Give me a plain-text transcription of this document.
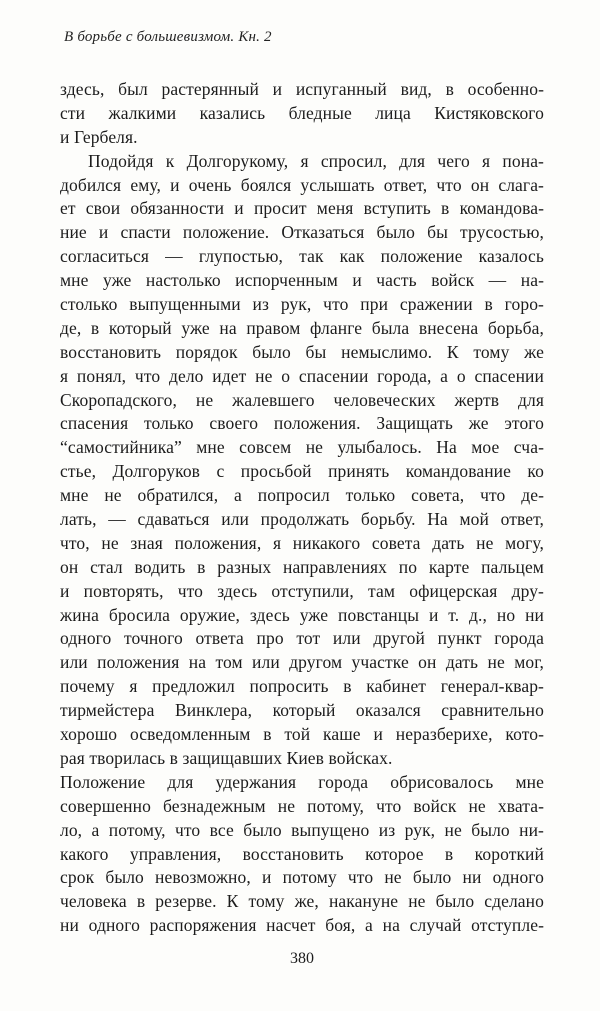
В борьбе с большевизмом. Кн. 2
здесь, был растерянный и испуганный вид, в особенно-
сти жалкими казались бледные лица Кистяковского
и Гербеля.
Подойдя к Долгорукому, я спросил, для чего я пона-
добился ему, и очень боялся услышать ответ, что он слага-
ет свои обязанности и просит меня вступить в командова-
ние и спасти положение. Отказаться было бы трусостью,
согласиться — глупостью, так как положение казалось
мне уже настолько испорченным и часть войск — на-
столько выпущенными из рук, что при сражении в горо-
де, в который уже на правом фланге была внесена борьба,
восстановить порядок было бы немыслимо. К тому же
я понял, что дело идет не о спасении города, а о спасении
Скоропадского, не жалевшего человеческих жертв для
спасения только своего положения. Защищать же этого
“самостийника” мне совсем не улыбалось. На мое сча-
стье, Долгоруков с просьбой принять командование ко
мне не обратился, а попросил только совета, что де-
лать, — сдаваться или продолжать борьбу. На мой ответ,
что, не зная положения, я никакого совета дать не могу,
он стал водить в разных направлениях по карте пальцем
и повторять, что здесь отступили, там офицерская дру-
жина бросила оружие, здесь уже повстанцы и т. д., но ни
одного точного ответа про тот или другой пункт города
или положения на том или другом участке он дать не мог,
почему я предложил попросить в кабинет генерал-квар-
тирмейстера Винклера, который оказался сравнительно
хорошо осведомленным в той каше и неразберихе, кото-
рая творилась в защищавших Киев войсках.
Положение для удержания города обрисовалось мне
совершенно безнадежным не потому, что войск не хвата-
ло, а потому, что все было выпущено из рук, не было ни-
какого управления, восстановить которое в короткий
срок было невозможно, и потому что не было ни одного
человека в резерве. К тому же, накануне не было сделано
ни одного распоряжения насчет боя, а на случай отступле-
380
